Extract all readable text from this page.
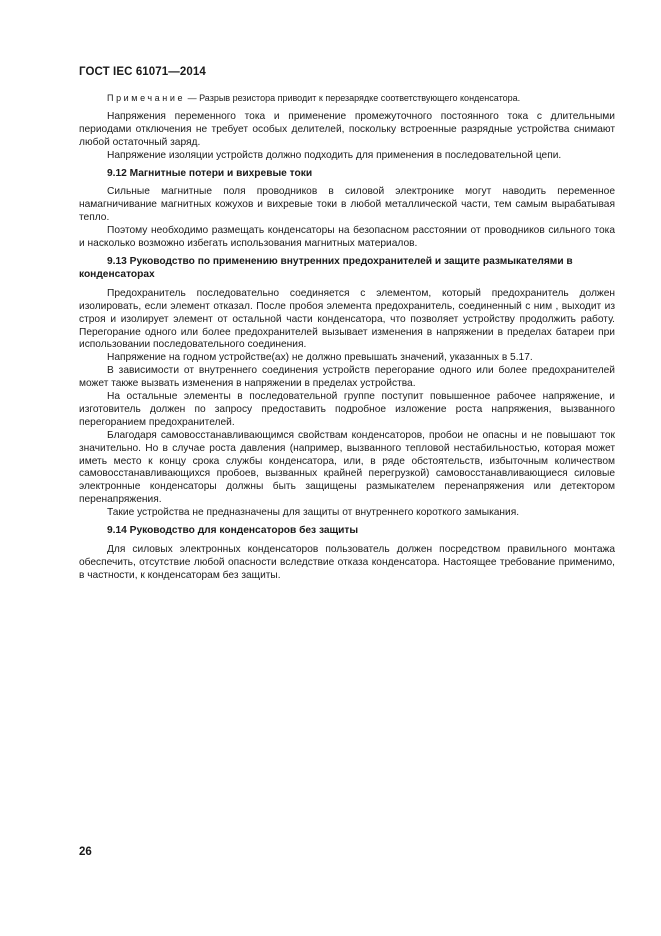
ГОСТ IEC 61071—2014

Примечание — Разрыв резистора приводит к перезарядке соответствующего конденсатора.

Напряжения переменного тока и применение промежуточного постоянного тока с длительными периодами отключения не требует особых делителей, поскольку встроенные разрядные устройства снимают любой остаточный заряд.

Напряжение изоляции устройств должно подходить для применения в последовательной цепи.

9.12 Магнитные потери и вихревые токи

Сильные магнитные поля проводников в силовой электронике могут наводить переменное намагничивание магнитных кожухов и вихревые токи в любой металлической части, тем самым вырабатывая тепло.

Поэтому необходимо размещать конденсаторы на безопасном расстоянии от проводников сильного тока и насколько возможно избегать использования магнитных материалов.

9.13 Руководство по применению внутренних предохранителей и защите размыкателями в конденсаторах

Предохранитель последовательно соединяется с элементом, который предохранитель должен изолировать, если элемент отказал. После пробоя элемента предохранитель, соединенный с ним , выходит из строя и изолирует элемент от остальной части конденсатора, что позволяет устройству продолжить работу. Перегорание одного или более предохранителей вызывает изменения в напряжении в пределах батареи при использовании последовательного соединения.

Напряжение на годном устройстве(ах) не должно превышать значений, указанных в 5.17.

В зависимости от внутреннего соединения устройств перегорание одного или более предохранителей может также вызвать изменения в напряжении в пределах устройства.

На остальные элементы в последовательной группе поступит повышенное рабочее напряжение, и изготовитель должен по запросу предоставить подробное изложение роста напряжения, вызванного перегоранием предохранителей.

Благодаря самовосстанавливающимся свойствам конденсаторов, пробои не опасны и не повышают ток значительно. Но в случае роста давления (например, вызванного тепловой нестабильностью, которая может иметь место к концу срока службы конденсатора, или, в ряде обстоятельств, избыточным количеством самовосстанавливающихся пробоев, вызванных крайней перегрузкой) самовосстанавливающиеся силовые электронные конденсаторы должны быть защищены размыкателем перенапряжения или детектором перенапряжения.

Такие устройства не предназначены для защиты от внутреннего короткого замыкания.

9.14 Руководство для конденсаторов без защиты

Для силовых электронных конденсаторов пользователь должен посредством правильного монтажа обеспечить, отсутствие любой опасности вследствие отказа конденсатора. Настоящее требование применимо, в частности, к конденсаторам без защиты.

26
